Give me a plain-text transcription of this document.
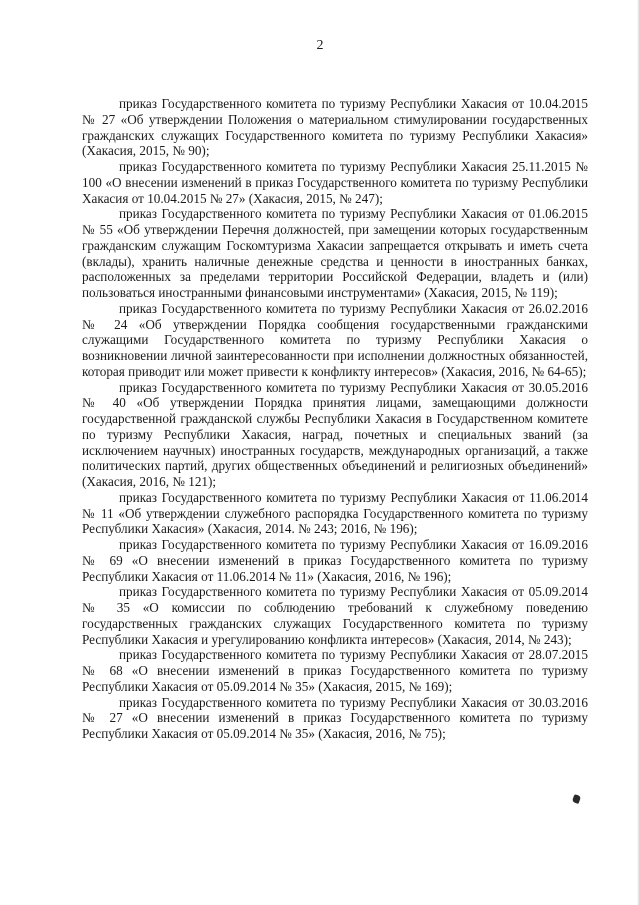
2

приказ Государственного комитета по туризму Республики Хакасия от 10.04.2015 № 27 «Об утверждении Положения о материальном стимулировании государственных гражданских служащих Государственного комитета по туризму Республики Хакасия» (Хакасия, 2015, № 90);

приказ Государственного комитета по туризму Республики Хакасия 25.11.2015 № 100 «О внесении изменений в приказ Государственного комитета по туризму Республики Хакасия от 10.04.2015 № 27» (Хакасия, 2015, № 247);

приказ Государственного комитета по туризму Республики Хакасия от 01.06.2015 № 55 «Об утверждении Перечня должностей, при замещении которых государственным гражданским служащим Госкомтуризма Хакасии запрещается открывать и иметь счета (вклады), хранить наличные денежные средства и ценности в иностранных банках, расположенных за пределами территории Российской Федерации, владеть и (или) пользоваться иностранными финансовыми инструментами» (Хакасия, 2015, № 119);

приказ Государственного комитета по туризму Республики Хакасия от 26.02.2016 № 24 «Об утверждении Порядка сообщения государственными гражданскими служащими Государственного комитета по туризму Республики Хакасия о возникновении личной заинтересованности при исполнении должностных обязанностей, которая приводит или может привести к конфликту интересов» (Хакасия, 2016, № 64-65);

приказ Государственного комитета по туризму Республики Хакасия от 30.05.2016 № 40 «Об утверждении Порядка принятия лицами, замещающими должности государственной гражданской службы Республики Хакасия в Государственном комитете по туризму Республики Хакасия, наград, почетных и специальных званий (за исключением научных) иностранных государств, международных организаций, а также политических партий, других общественных объединений и религиозных объединений» (Хакасия, 2016, № 121);

приказ Государственного комитета по туризму Республики Хакасия от 11.06.2014 № 11 «Об утверждении служебного распорядка Государственного комитета по туризму Республики Хакасия» (Хакасия, 2014. № 243; 2016, № 196);

приказ Государственного комитета по туризму Республики Хакасия от 16.09.2016 № 69 «О внесении изменений в приказ Государственного комитета по туризму Республики Хакасия от 11.06.2014 № 11» (Хакасия, 2016, № 196);

приказ Государственного комитета по туризму Республики Хакасия от 05.09.2014 № 35 «О комиссии по соблюдению требований к служебному поведению государственных гражданских служащих Государственного комитета по туризму Республики Хакасия и урегулированию конфликта интересов» (Хакасия, 2014, № 243);

приказ Государственного комитета по туризму Республики Хакасия от 28.07.2015 № 68 «О внесении изменений в приказ Государственного комитета по туризму Республики Хакасия от 05.09.2014 № 35» (Хакасия, 2015, № 169);

приказ Государственного комитета по туризму Республики Хакасия от 30.03.2016 № 27 «О внесении изменений в приказ Государственного комитета по туризму Республики Хакасия от 05.09.2014 № 35» (Хакасия, 2016, № 75);
